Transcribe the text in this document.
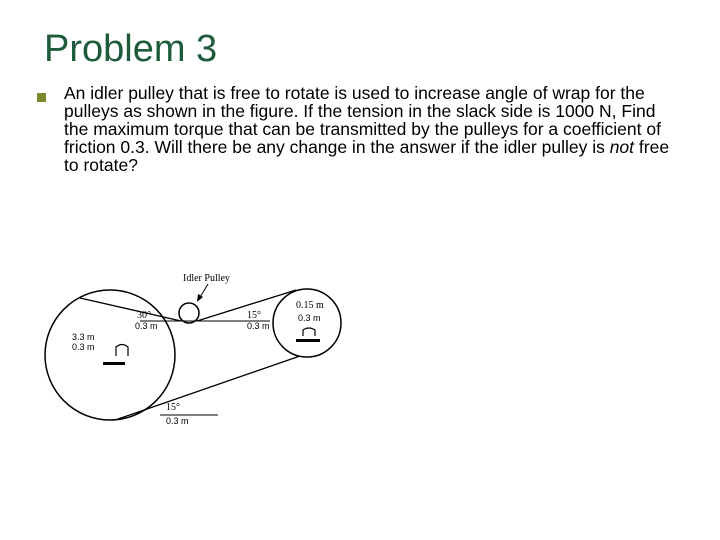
Problem 3
An idler pulley that is free to rotate is used to increase angle of wrap for the pulleys as shown in the figure. If the tension in the slack side is 1000 N, Find the maximum torque that can be transmitted by the pulleys for a coefficient of friction 0.3. Will there be any change in the answer if the idler pulley is not free to rotate?
Idler Pulley
30°
0.3 m
15°
0.3 m
3.3 m
0.3 m
0.15 m
0.3 m
15°
0.3 m
